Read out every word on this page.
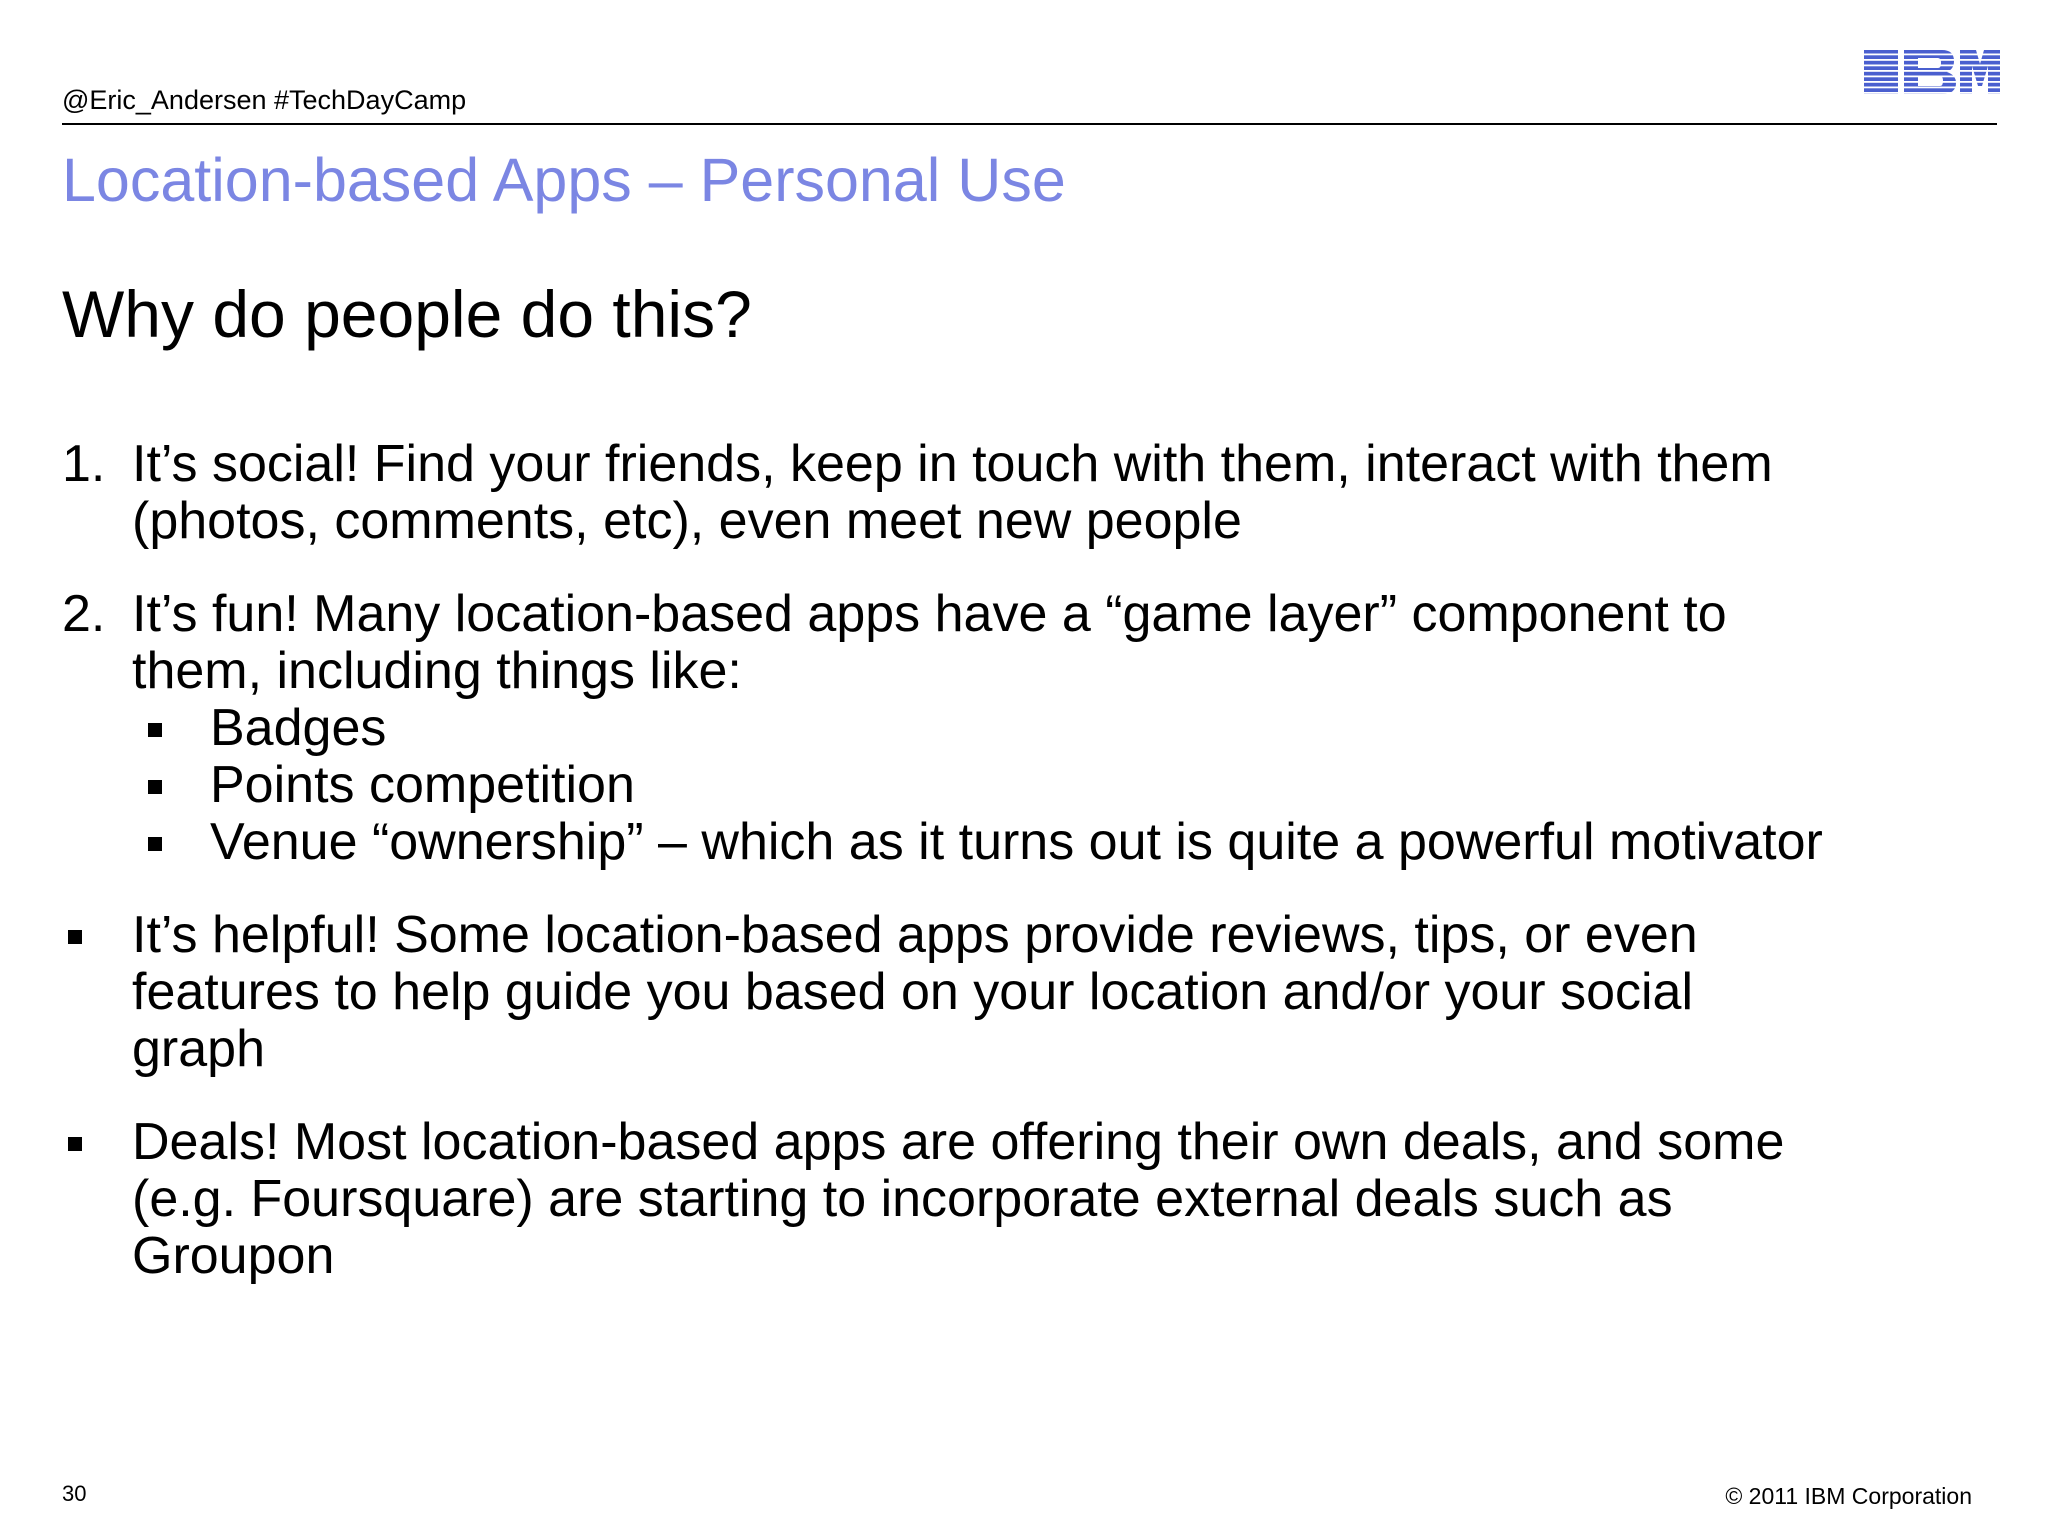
@Eric_Andersen #TechDayCamp
Location-based Apps – Personal Use
Why do people do this?
1. It’s social! Find your friends, keep in touch with them, interact with them
(photos, comments, etc), even meet new people
2. It’s fun! Many location-based apps have a “game layer” component to
them, including things like:
Badges
Points competition
Venue “ownership” – which as it turns out is quite a powerful motivator
It’s helpful! Some location-based apps provide reviews, tips, or even
features to help guide you based on your location and/or your social
graph
Deals! Most location-based apps are offering their own deals, and some
(e.g. Foursquare) are starting to incorporate external deals such as
Groupon
30	© 2011 IBM Corporation
